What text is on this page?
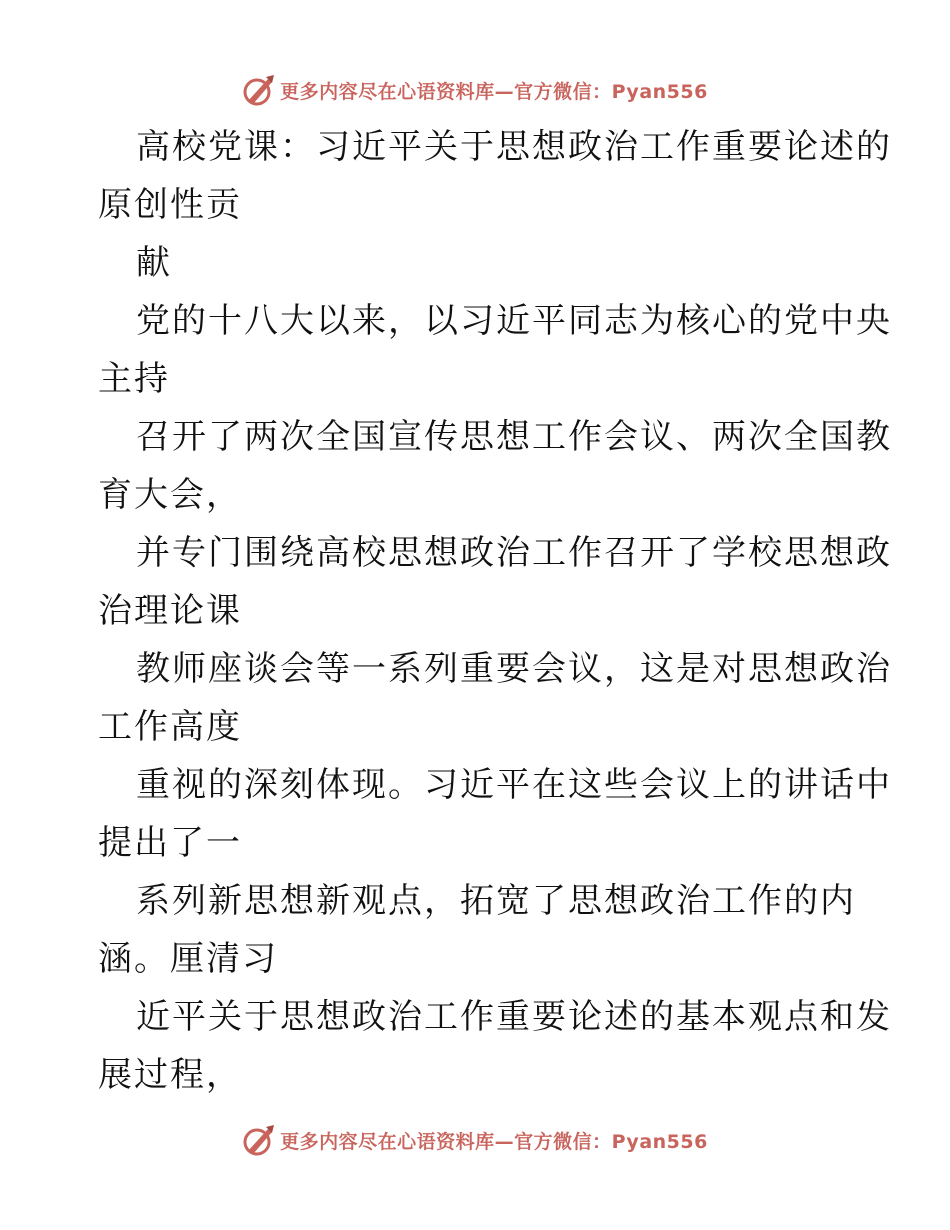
更多内容尽在心语资料库—官方微信：Pyan556
高校党课：习近平关于思想政治工作重要论述的
原创性贡
献
党的十八大以来，以习近平同志为核心的党中央
主持
召开了两次全国宣传思想工作会议、两次全国教
育大会，
并专门围绕高校思想政治工作召开了学校思想政
治理论课
教师座谈会等一系列重要会议，这是对思想政治
工作高度
重视的深刻体现。习近平在这些会议上的讲话中
提出了一
系列新思想新观点，拓宽了思想政治工作的内
涵。厘清习
近平关于思想政治工作重要论述的基本观点和发
展过程，
更多内容尽在心语资料库—官方微信：Pyan556
